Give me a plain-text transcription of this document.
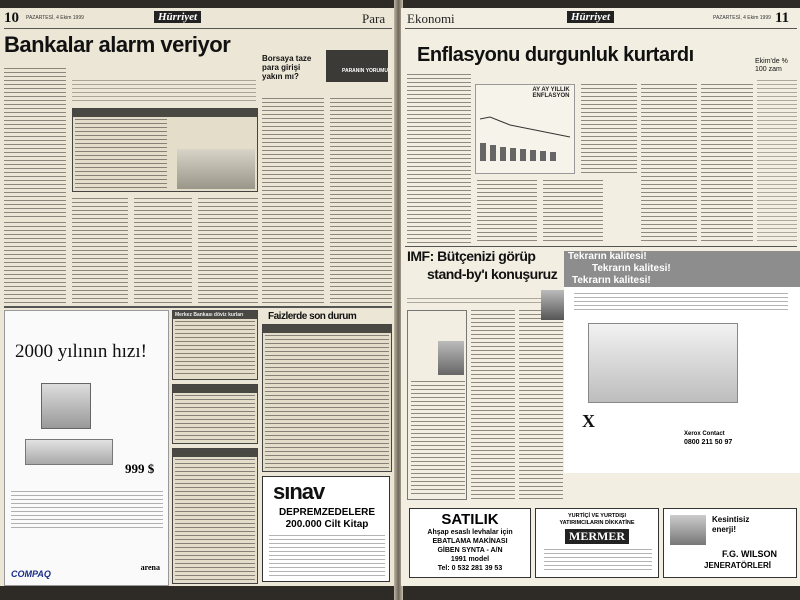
10 PAZARTESİ, 4 Ekim 1999	Hürriyet	Para
Bankalar alarm veriyor
Borsaya taze para girişi yakın mı?
PARANIN YORUMU

2000 yılının hızı!
999 $
COMPAQ
arena
Merkez Bankası döviz kurları

	Faizlerde son durum

sınav
DEPREMZEDELERE
200.000 Cilt Kitap
Ekonomi	Hürriyet	PAZARTESİ, 4 Ekim 1999 11
Enflasyonu durgunluk kurtardı
AY AY YILLIK ENFLASYON
Ekim'de % 100 zam
IMF: Bütçenizi görüp
stand-by'ı konuşuruz
Tekrarın kalitesi!
Tekrarın kalitesi!
Tekrarın kalitesi!
X
Xerox Contact
0800 211 50 97
SATILIK
Ahşap esaslı levhalar için
EBATLAMA MAKİNASI
GİBEN SYNTA - A/N
1991 model
Tel: 0 532 281 39 53
YURTİÇİ VE YURTDIŞI
YATIRIMCILARIN DİKKATİNE
MERMER
Kesintisiz
enerji!
F.G. WILSON
JENERATÖRLERİ
